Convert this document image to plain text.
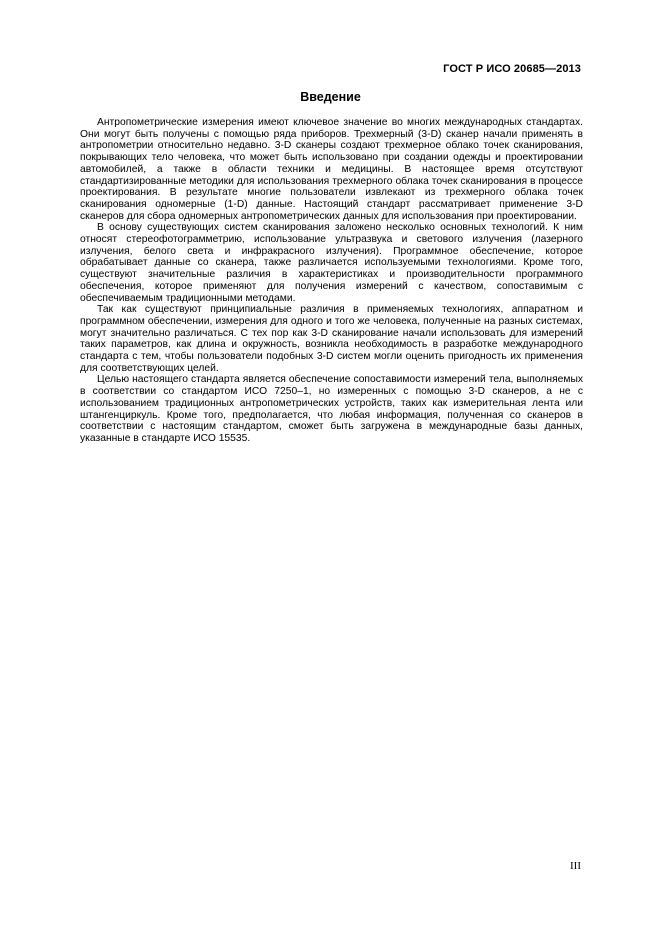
ГОСТ Р ИСО 20685—2013
Введение

Антропометрические измерения имеют ключевое значение во многих международных стандартах. Они могут быть получены с помощью ряда приборов. Трехмерный (3-D) сканер начали применять в антропометрии относительно недавно. 3-D сканеры создают трехмерное облако точек сканирования, покрывающих тело человека, что может быть использовано при создании одежды и проектировании автомобилей, а также в области техники и медицины. В настоящее время отсутствуют стандартизированные методики для использования трехмерного облака точек сканирования в процессе проектирования. В результате многие пользователи извлекают из трехмерного облака точек сканирования одномерные (1-D) данные. Настоящий стандарт рассматривает применение 3-D сканеров для сбора одномерных антропометрических данных для использования при проектировании.

В основу существующих систем сканирования заложено несколько основных технологий. К ним относят стереофотограмметрию, использование ультразвука и светового излучения (лазерного излучения, белого света и инфракрасного излучения). Программное обеспечение, которое обрабатывает данные со сканера, также различается используемыми технологиями. Кроме того, существуют значительные различия в характеристиках и производительности программного обеспечения, которое применяют для получения измерений с качеством, сопоставимым с обеспечиваемым традиционными методами.

Так как существуют принципиальные различия в применяемых технологиях, аппаратном и программном обеспечении, измерения для одного и того же человека, полученные на разных системах, могут значительно различаться. С тех пор как 3-D сканирование начали использовать для измерений таких параметров, как длина и окружность, возникла необходимость в разработке международного стандарта с тем, чтобы пользователи подобных 3-D систем могли оценить пригодность их применения для соответствующих целей.

Целью настоящего стандарта является обеспечение сопоставимости измерений тела, выполняемых в соответствии со стандартом ИСО 7250–1, но измеренных с помощью 3-D сканеров, а не с использованием традиционных антропометрических устройств, таких как измерительная лента или штангенциркуль. Кроме того, предполагается, что любая информация, полученная со сканеров в соответствии с настоящим стандартом, сможет быть загружена в международные базы данных, указанные в стандарте ИСО 15535.

III
